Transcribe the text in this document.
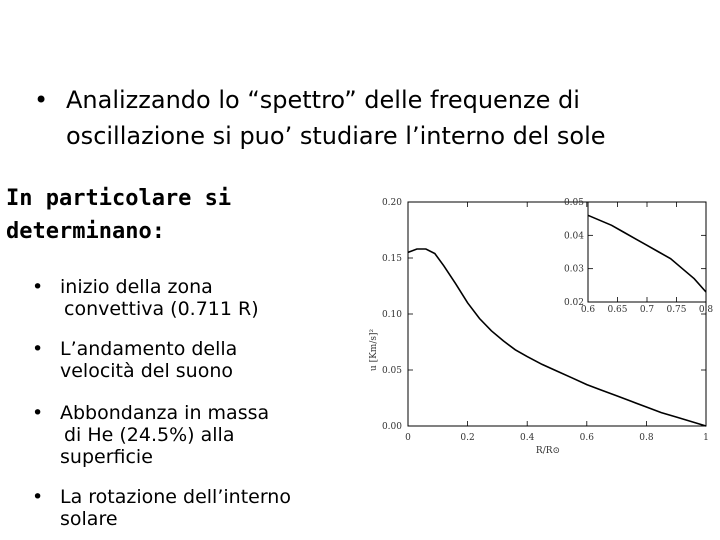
• Analizzando lo “spettro” delle frequenze di
oscillazione si puo’ studiare l’interno del sole
In particolare si
determinano:
• inizio della zona
convettiva (0.711 R)
• L’andamento della
velocità del suono
• Abbondanza in massa
di He (24.5%) alla
superficie
• La rotazione dell’interno
solare
0	0.2	0.4	0.6	0.8	1
0.00
0.05
0.10
0.15
0.20
0.6 0.65 0.7 0.75 0.8
0.02
0.03
0.04
0.05
u [Km/s]²
R/R⊙
